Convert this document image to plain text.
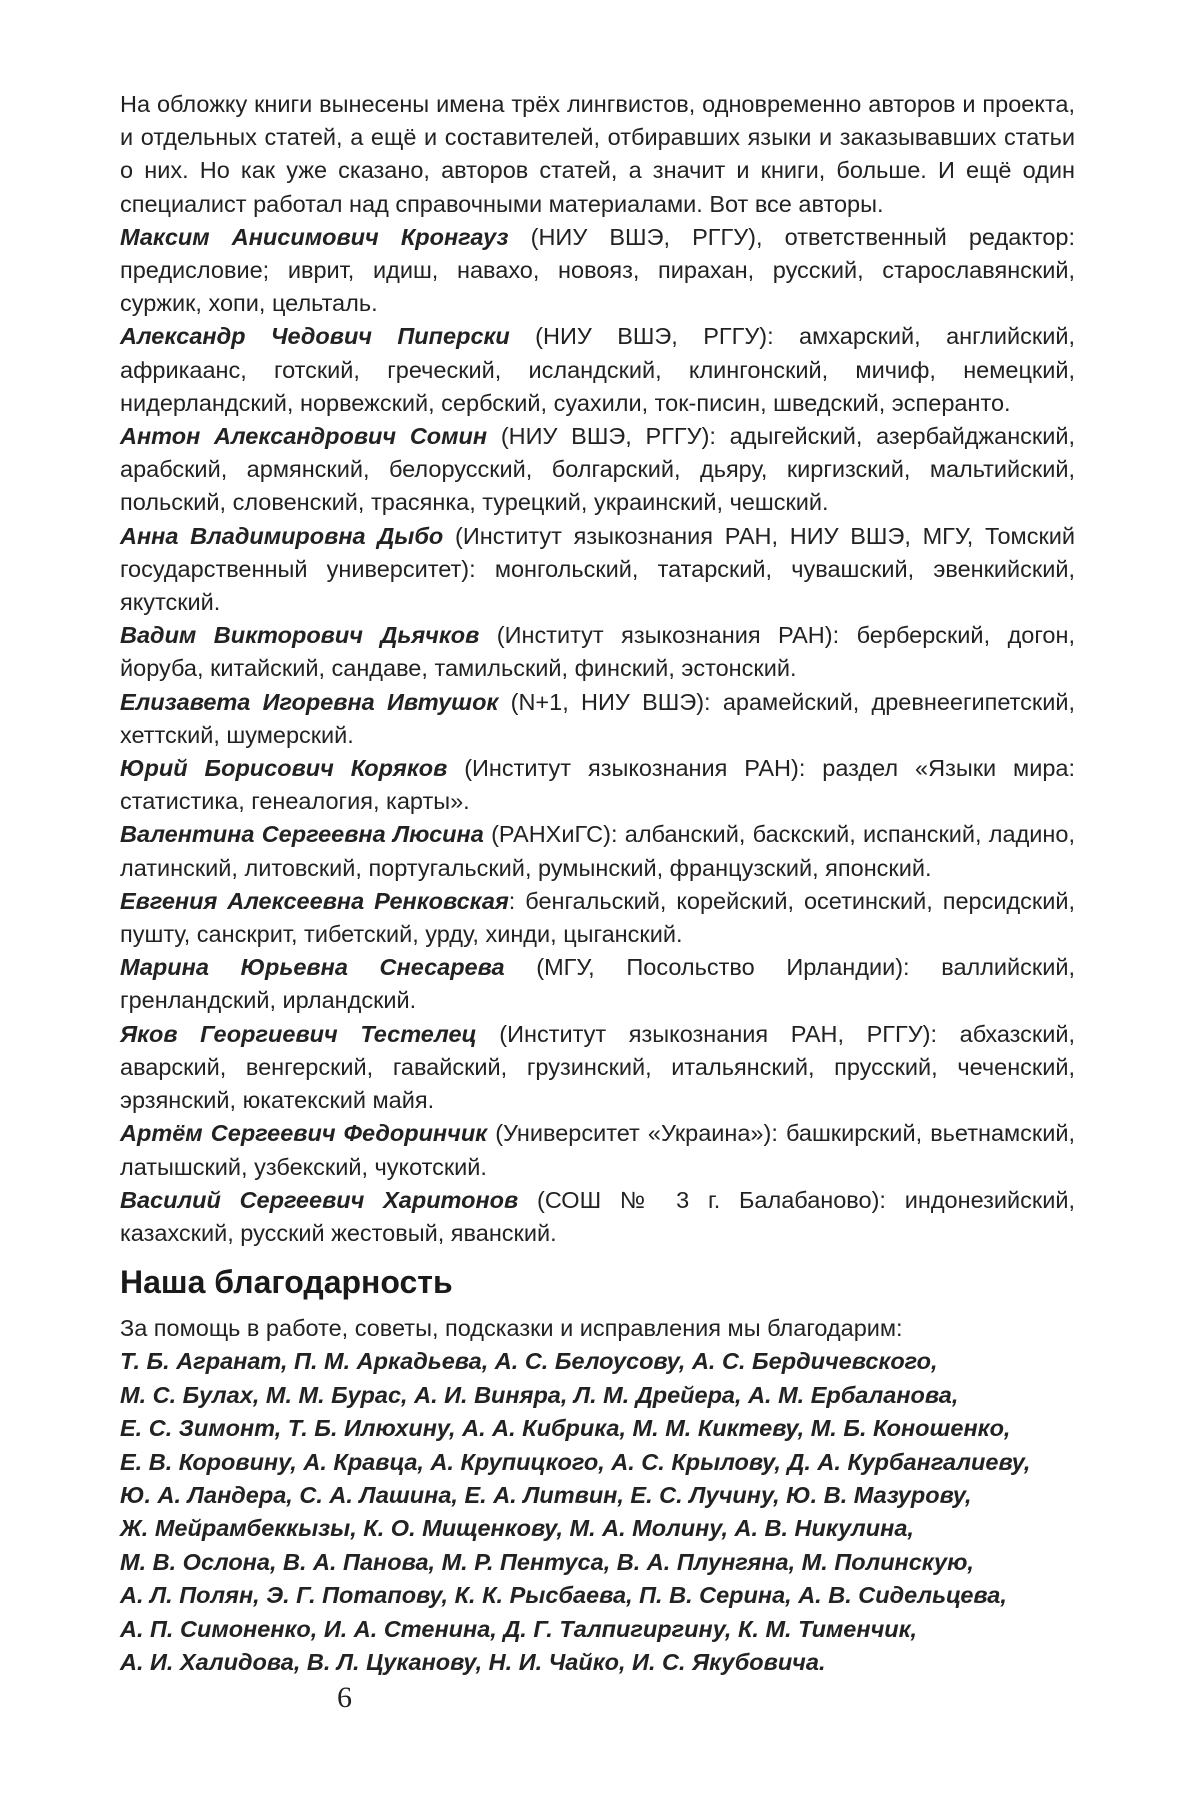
На обложку книги вынесены имена трёх лингвистов, одновременно авторов и проекта, и отдельных статей, а ещё и составителей, отбиравших языки и заказывавших статьи о них. Но как уже сказано, авторов статей, а значит и книги, больше. И ещё один специалист работал над справочными материалами. Вот все авторы.

Максим Анисимович Кронгауз (НИУ ВШЭ, РГГУ), ответственный редактор: предисловие; иврит, идиш, навахо, новояз, пирахан, русский, старославянский, суржик, хопи, цельталь.

Александр Чедович Пиперски (НИУ ВШЭ, РГГУ): амхарский, английский, африкаанс, готский, греческий, исландский, клингонский, мичиф, немецкий, нидерландский, норвежский, сербский, суахили, ток-писин, шведский, эсперанто.

Антон Александрович Сомин (НИУ ВШЭ, РГГУ): адыгейский, азербайджанский, арабский, армянский, белорусский, болгарский, дьяру, киргизский, мальтийский, польский, словенский, трасянка, турецкий, украинский, чешский.

Анна Владимировна Дыбо (Институт языкознания РАН, НИУ ВШЭ, МГУ, Томский государственный университет): монгольский, татарский, чувашский, эвенкийский, якутский.

Вадим Викторович Дьячков (Институт языкознания РАН): берберский, догон, йоруба, китайский, сандаве, тамильский, финский, эстонский.

Елизавета Игоревна Ивтушок (N+1, НИУ ВШЭ): арамейский, древнеегипетский, хеттский, шумерский.

Юрий Борисович Коряков (Институт языкознания РАН): раздел «Языки мира: статистика, генеалогия, карты».

Валентина Сергеевна Люсина (РАНХиГС): албанский, баскский, испанский, ладино, латинский, литовский, португальский, румынский, французский, японский.

Евгения Алексеевна Ренковская: бенгальский, корейский, осетинский, персидский, пушту, санскрит, тибетский, урду, хинди, цыганский.

Марина Юрьевна Снесарева (МГУ, Посольство Ирландии): валлийский, гренландский, ирландский.

Яков Георгиевич Тестелец (Институт языкознания РАН, РГГУ): абхазский, аварский, венгерский, гавайский, грузинский, итальянский, прусский, чеченский, эрзянский, юкатекский майя.

Артём Сергеевич Федоринчик (Университет «Украина»): башкирский, вьетнамский, латышский, узбекский, чукотский.

Василий Сергеевич Харитонов (СОШ № 3 г. Балабаново): индонезийский, казахский, русский жестовый, яванский.

Наша благодарность

За помощь в работе, советы, подсказки и исправления мы благодарим:

Т. Б. Агранат, П. М. Аркадьева, А. С. Белоусову, А. С. Бердичевского,

М. С. Булах, М. М. Бурас, А. И. Виняра, Л. М. Дрейера, А. М. Ербаланова,

Е. С. Зимонт, Т. Б. Илюхину, А. А. Кибрика, М. М. Киктеву, М. Б. Коношенко,

Е. В. Коровину, А. Кравца, А. Крупицкого, А. С. Крылову, Д. А. Курбангалиеву,

Ю. А. Ландера, С. А. Лашина, Е. А. Литвин, Е. С. Лучину, Ю. В. Мазурову,

Ж. Мейрамбеккызы, К. О. Мищенкову, М. А. Молину, А. В. Никулина,

М. В. Ослона, В. А. Панова, М. Р. Пентуса, В. А. Плунгяна, М. Полинскую,

А. Л. Полян, Э. Г. Потапову, К. К. Рысбаева, П. В. Серина, А. В. Сидельцева,

А. П. Симоненко, И. А. Стенина, Д. Г. Талпигиргину, К. М. Тименчик,

А. И. Халидова, В. Л. Цуканову, Н. И. Чайко, И. С. Якубовича.

6
